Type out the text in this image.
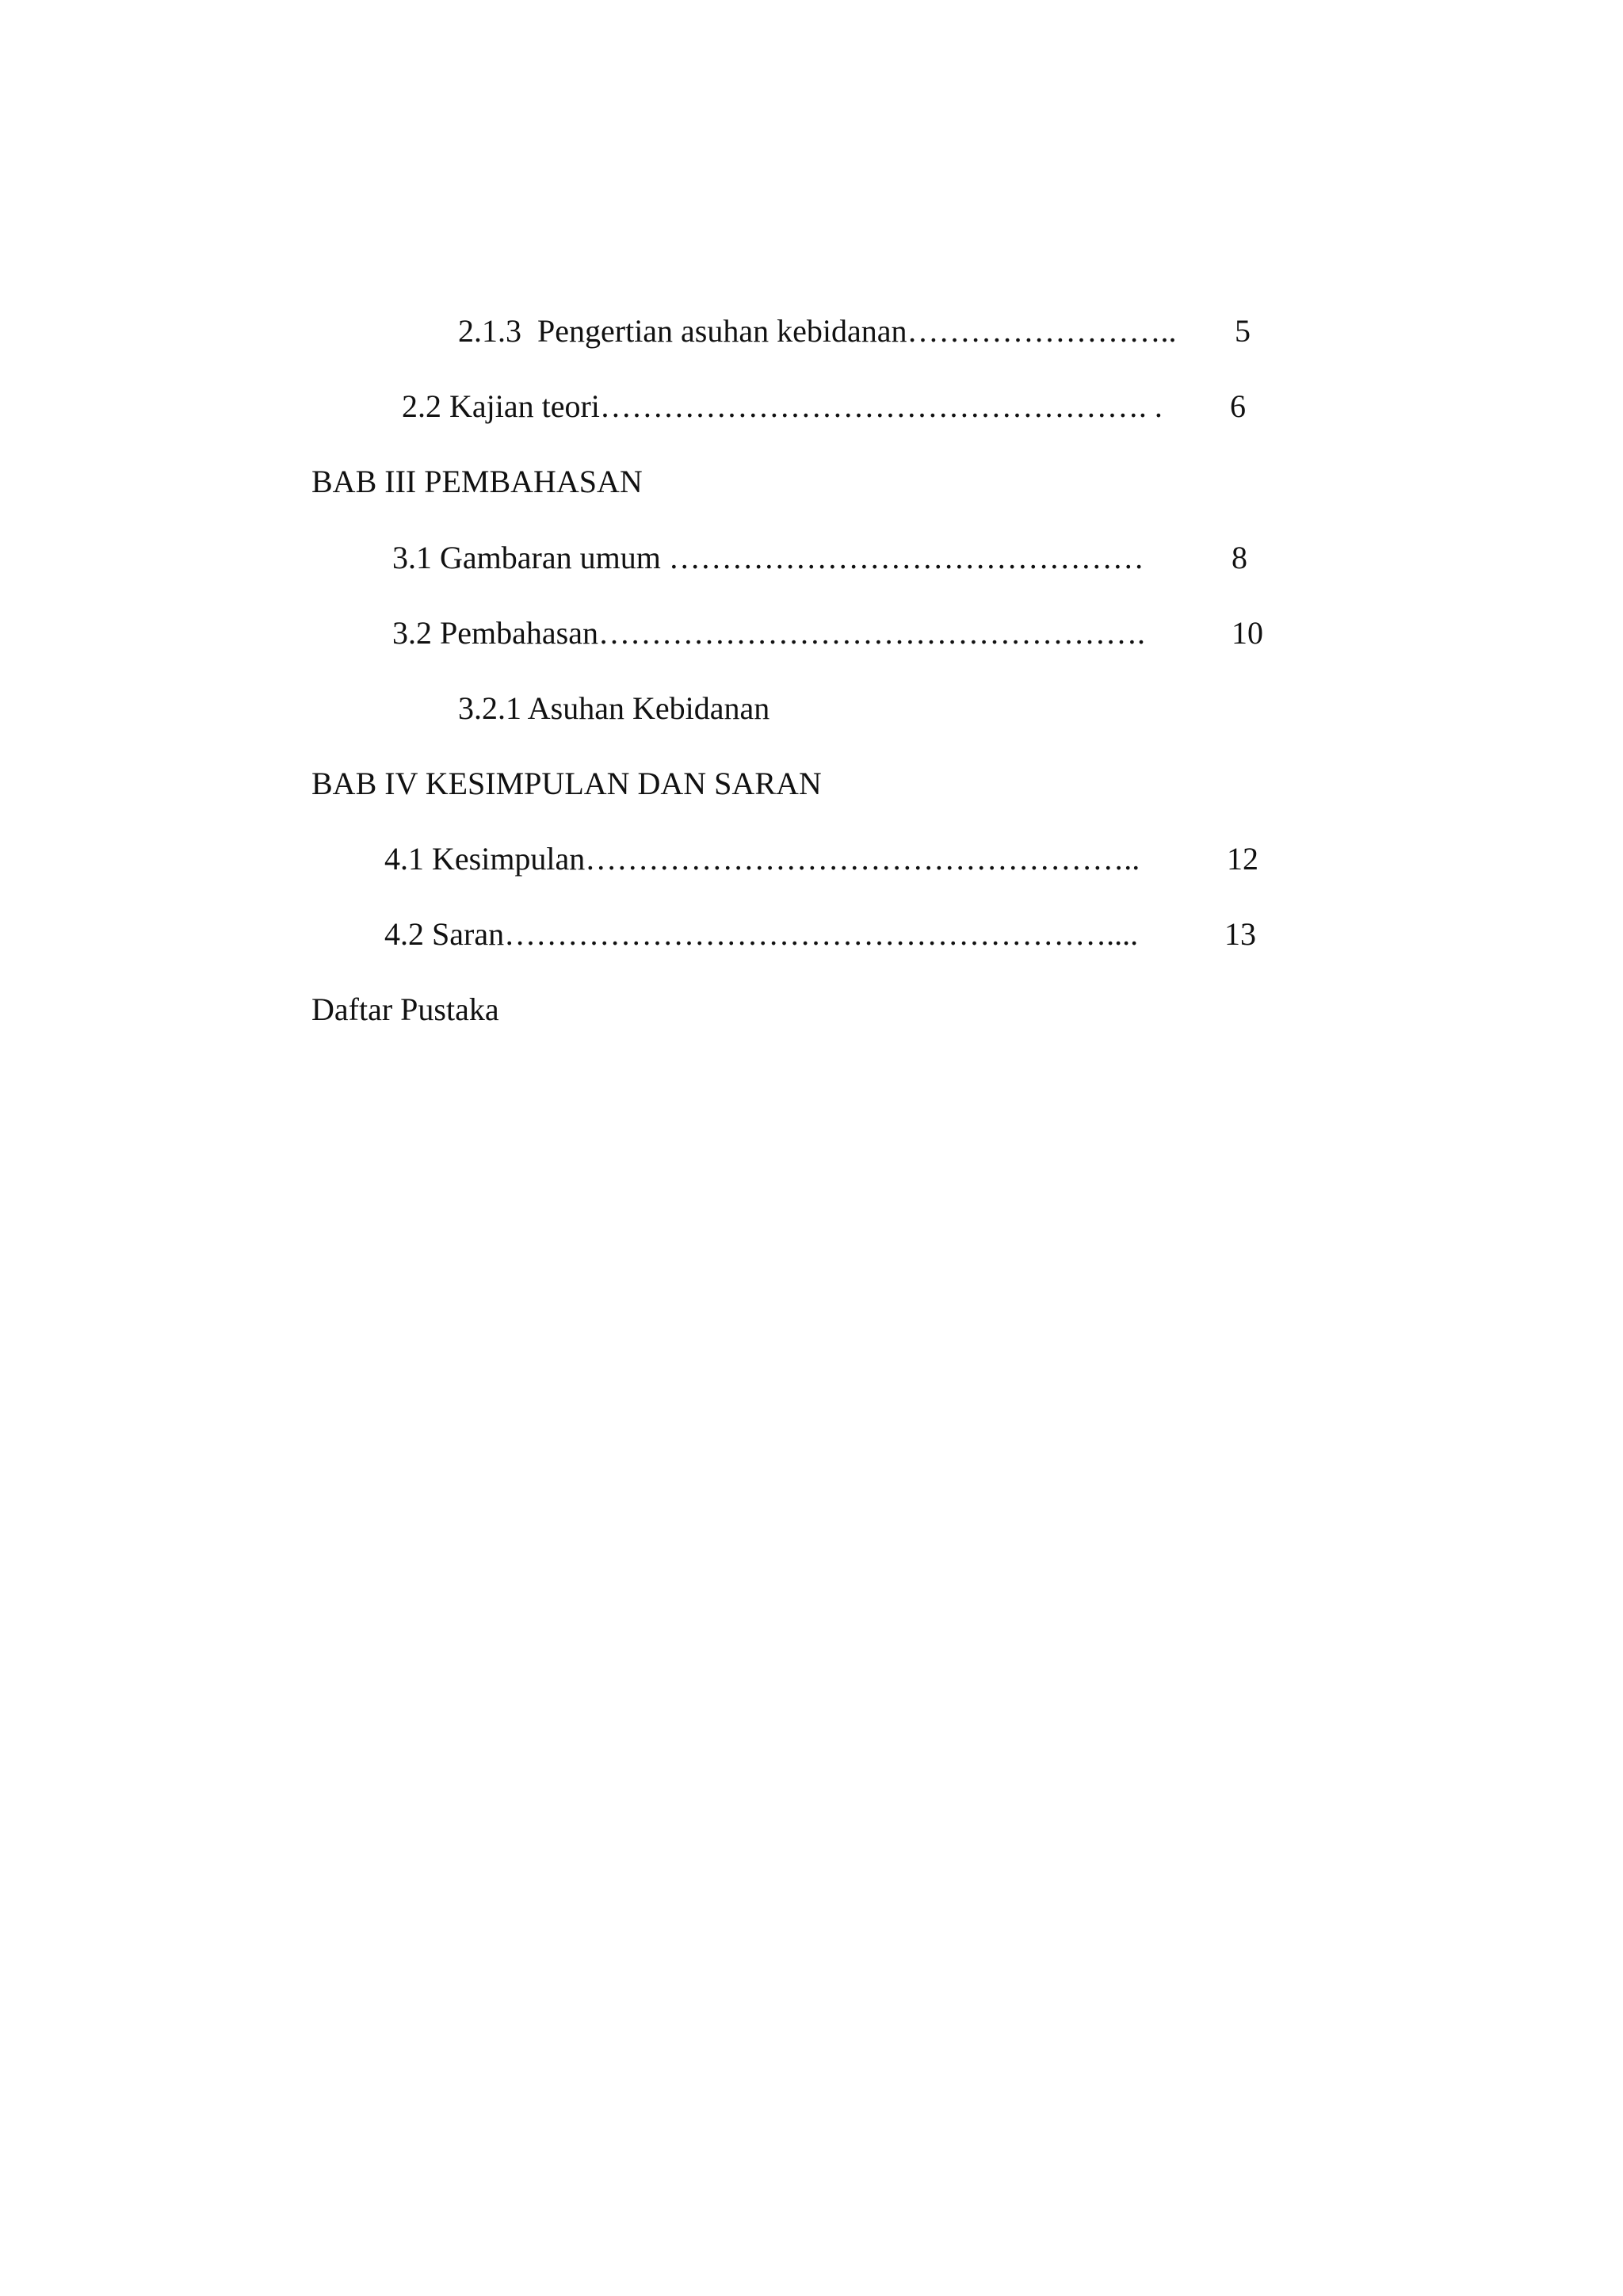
2.1.3  Pengertian asuhan kebidanan…………………….. 5
2.2 Kajian teori……………………………………………. . 6
BAB III PEMBAHASAN
3.1 Gambaran umum ………………………………………	8
3.2 Pembahasan…………………………………………….	10
3.2.1 Asuhan Kebidanan
BAB IV KESIMPULAN DAN SARAN
4.1 Kesimpulan……………………………………………..	12
4.2 Saran…………………………………………………....	13
Daftar Pustaka
